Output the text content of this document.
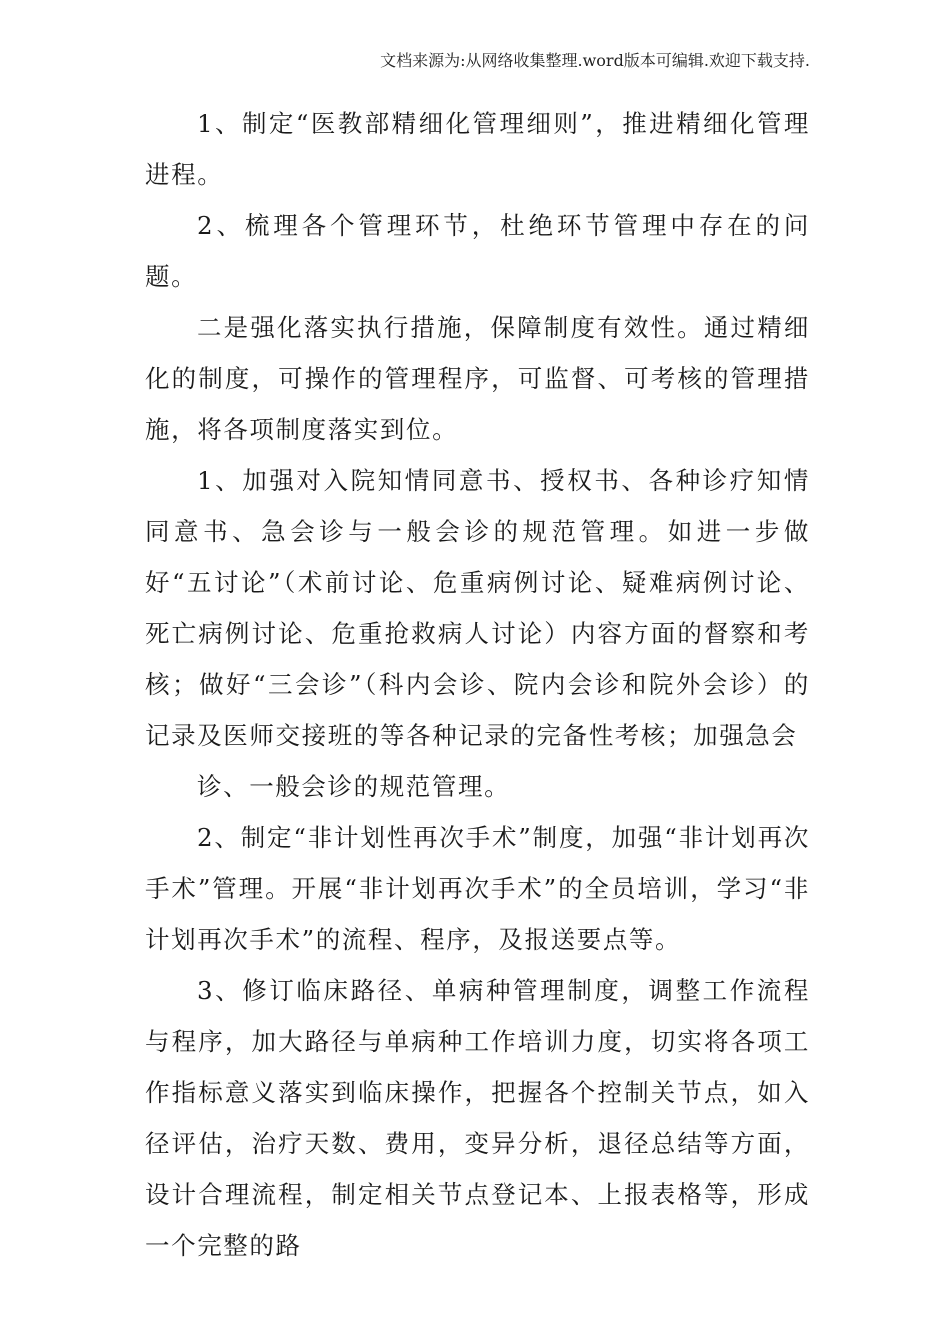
文档来源为:从网络收集整理.word版本可编辑.欢迎下载支持.

1、制定“医教部精细化管理细则”，推进精细化管理进程。

2、梳理各个管理环节，杜绝环节管理中存在的问题。

二是强化落实执行措施，保障制度有效性。通过精细化的制度，可操作的管理程序，可监督、可考核的管理措施，将各项制度落实到位。

1、加强对入院知情同意书、授权书、各种诊疗知情同意书、急会诊与一般会诊的规范管理。如进一步做好“五讨论”（术前讨论、危重病例讨论、疑难病例讨论、死亡病例讨论、危重抢救病人讨论）内容方面的督察和考核；做好“三会诊”（科内会诊、院内会诊和院外会诊）的记录及医师交接班的等各种记录的完备性考核；加强急会

诊、一般会诊的规范管理。

2、制定“非计划性再次手术”制度，加强“非计划再次手术”管理。开展“非计划再次手术”的全员培训，学习“非计划再次手术”的流程、程序，及报送要点等。

3、修订临床路径、单病种管理制度，调整工作流程与程序，加大路径与单病种工作培训力度，切实将各项工作指标意义落实到临床操作，把握各个控制关节点，如入径评估，治疗天数、费用，变异分析，退径总结等方面，设计合理流程，制定相关节点登记本、上报表格等，形成一个完整的路
